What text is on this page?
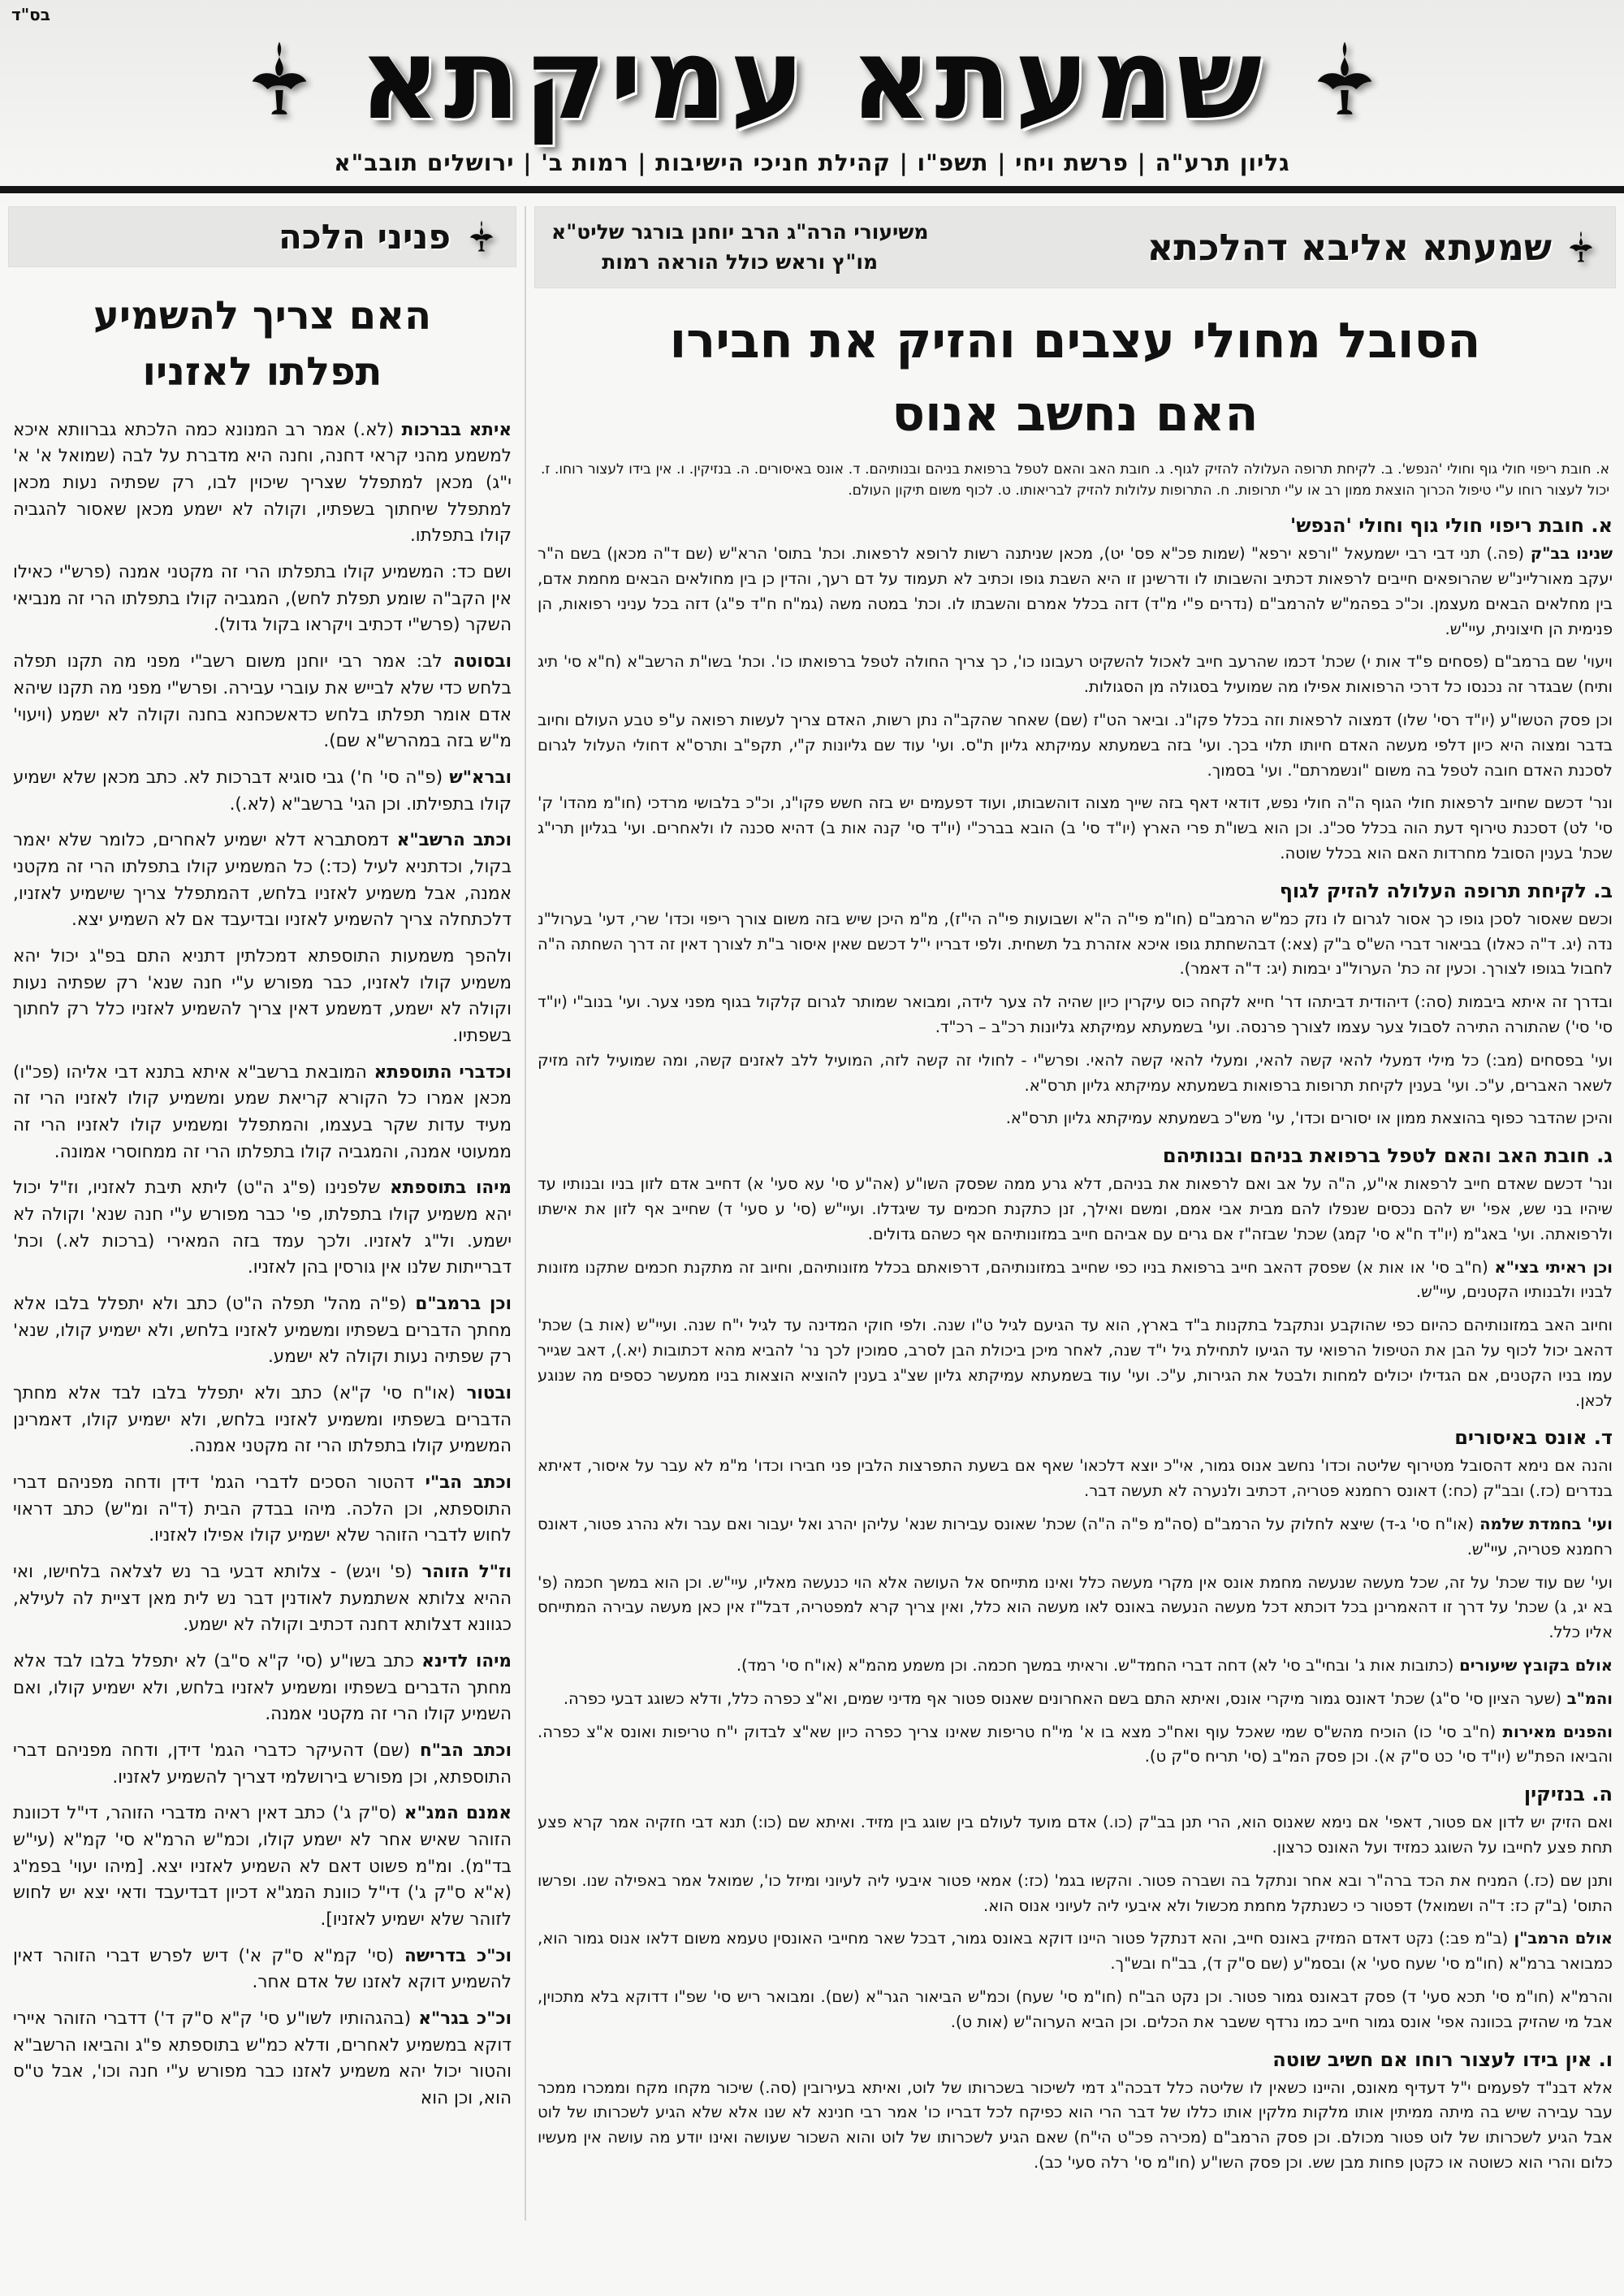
בס"ד	שמעתא עמיקתא
גליון תרע"ה | פרשת ויחי | תשפ"ו | קהילת חניכי הישיבות | רמות ב' | ירושלים תובב"א
שמעתא אליבא דהלכתא
משיעורי הרה"ג הרב יוחנן בורגר שליט"א
מו"ץ וראש כולל הוראה רמות
הסובל מחולי עצבים והזיק את חבירו
האם נחשב אנוס

א. חובת ריפוי חולי גוף וחולי 'הנפש'. ב. לקיחת תרופה העלולה להזיק לגוף. ג. חובת האב והאם לטפל ברפואת בניהם ובנותיהם. ד. אונס באיסורים. ה. בנזיקין. ו. אין בידו לעצור רוחו. ז. יכול לעצור רוחו ע"י טיפול הכרוך הוצאת ממון רב או ע"י תרופות. ח. התרופות עלולות להזיק לבריאותו. ט. לכוף משום תיקון העולם.

א. חובת ריפוי חולי גוף וחולי 'הנפש'

שנינו בב"ק (פה.) תני דבי רבי ישמעאל "ורפא ירפא" (שמות פכ"א פס' יט), מכאן שניתנה רשות לרופא לרפאות. וכת' בתוס' הרא"ש (שם ד"ה מכאן) בשם ה"ר יעקב מאורליינ"ש שהרופאים חייבים לרפאות דכתיב והשבותו לו ודרשינן זו היא השבת גופו וכתיב לא תעמוד על דם רעך, והדין כן בין מחולאים הבאים מחמת אדם, בין מחלאים הבאים מעצמן. וכ"כ בפהמ"ש להרמב"ם (נדרים פ"י מ"ד) דזה בכלל אמרם והשבתו לו. וכת' במטה משה (גמ"ח ח"ד פ"ג) דזה בכל עניני רפואות, הן פנימית הן חיצונית, עיי"ש.

ויעוי' שם ברמב"ם (פסחים פ"ד אות י) שכת' דכמו שהרעב חייב לאכול להשקיט רעבונו כו', כך צריך החולה לטפל ברפואתו כו'. וכת' בשו"ת הרשב"א (ח"א סי' תיג ותיח) שבגדר זה נכנסו כל דרכי הרפואות אפילו מה שמועיל בסגולה מן הסגולות.

וכן פסק הטשו"ע (יו"ד רסי' שלו) דמצוה לרפאות וזה בכלל פקו"נ. וביאר הט"ז (שם) שאחר שהקב"ה נתן רשות, האדם צריך לעשות רפואה ע"פ טבע העולם וחיוב בדבר ומצוה היא כיון דלפי מעשה האדם חיותו תלוי בכך. ועי' בזה בשמעתא עמיקתא גליון ת"ס. ועי' עוד שם גליונות ק"י, תקפ"ב ותרס"א דחולי העלול לגרום לסכנת האדם חובה לטפל בה משום "ונשמרתם". ועי' בסמוך.

ונר' דכשם שחיוב לרפאות חולי הגוף ה"ה חולי נפש, דודאי דאף בזה שייך מצוה דוהשבותו, ועוד דפעמים יש בזה חשש פקו"נ, וכ"כ בלבושי מרדכי (חו"מ מהדו' ק' סי' לט) דסכנת טירוף דעת הוה בכלל סכ"נ. וכן הוא בשו"ת פרי הארץ (יו"ד סי' ב) הובא בברכ"י (יו"ד סי' קנה אות ב) דהיא סכנה לו ולאחרים. ועי' בגליון תרי"ג שכת' בענין הסובל מחרדות האם הוא בכלל שוטה.

ב. לקיחת תרופה העלולה להזיק לגוף

וכשם שאסור לסכן גופו כך אסור לגרום לו נזק כמ"ש הרמב"ם (חו"מ פי"ה ה"א ושבועות פי"ה הי"ז), מ"מ היכן שיש בזה משום צורך ריפוי וכדו' שרי, דעי' בערול"נ נדה (יג. ד"ה כאלו) בביאור דברי הש"ס ב"ק (צא:) דבהשחתת גופו איכא אזהרת בל תשחית. ולפי דבריו י"ל דכשם שאין איסור ב"ת לצורך דאין זה דרך השחתה ה"ה לחבול בגופו לצורך. וכעין זה כת' הערול"נ יבמות (יג: ד"ה דאמר).

ובדרך זה איתא ביבמות (סה:) דיהודית דביתהו דר' חייא לקחה כוס עיקרין כיון שהיה לה צער לידה, ומבואר שמותר לגרום קלקול בגוף מפני צער. ועי' בנוב"י (יו"ד סי' סי') שהתורה התירה לסבול צער עצמו לצורך פרנסה. ועי' בשמעתא עמיקתא גליונות רכ"ב – רכ"ד.

ועי' בפסחים (מב:) כל מילי דמעלי להאי קשה להאי, ומעלי להאי קשה להאי. ופרש"י - לחולי זה קשה לזה, המועיל ללב לאזנים קשה, ומה שמועיל לזה מזיק לשאר האברים, ע"כ. ועי' בענין לקיחת תרופות ברפואות בשמעתא עמיקתא גליון תרס"א.

והיכן שהדבר כפוף בהוצאת ממון או יסורים וכדו', עי' מש"כ בשמעתא עמיקתא גליון תרס"א.

ג. חובת האב והאם לטפל ברפואת בניהם ובנותיהם

ונר' דכשם שאדם חייב לרפאות אי"ע, ה"ה על אב ואם לרפאות את בניהם, דלא גרע ממה שפסק השו"ע (אה"ע סי' עא סעי' א) דחייב אדם לזון בניו ובנותיו עד שיהיו בני שש, אפי' יש להם נכסים שנפלו להם מבית אבי אמם, ומשם ואילך, זנן כתקנת חכמים עד שיגדלו. ועיי"ש (סי' ע סעי' ד) שחייב אף לזון את אישתו ולרפואתה. ועי' באג"מ (יו"ד ח"א סי' קמג) שכת' שבזה"ז אם גרים עם אביהם חייב במזונותיהם אף כשהם גדולים.

וכן ראיתי בצי"א (ח"ב סי' או אות א) שפסק דהאב חייב ברפואת בניו כפי שחייב במזונותיהם, דרפואתם בכלל מזונותיהם, וחיוב זה מתקנת חכמים שתקנו מזונות לבניו ולבנותיו הקטנים, עיי"ש.

וחיוב האב במזונותיהם כהיום כפי שהוקבע ונתקבל בתקנות ב"ד בארץ, הוא עד הגיעם לגיל ט"ו שנה. ולפי חוקי המדינה עד לגיל י"ח שנה. ועיי"ש (אות ב) שכת' דהאב יכול לכוף על הבן את הטיפול הרפואי עד הגיעו לתחילת גיל י"ד שנה, לאחר מיכן ביכולת הבן לסרב, סמוכין לכך נר' להביא מהא דכתובות (יא.), דאב שגייר עמו בניו הקטנים, אם הגדילו יכולים למחות ולבטל את הגירות, ע"כ. ועי' עוד בשמעתא עמיקתא גליון שצ"ג בענין להוציא הוצאות בניו ממעשר כספים מה שנוגע לכאן.

ד. אונס באיסורים

והנה אם נימא דהסובל מטירוף שליטה וכדו' נחשב אנוס גמור, אי"כ יוצא דלכאו' שאף אם בשעת התפרצות הלבין פני חבירו וכדו' מ"מ לא עבר על איסור, דאיתא בנדרים (כז.) ובב"ק (כח:) דאונס רחמנא פטריה, דכתיב ולנערה לא תעשה דבר.

ועי' בחמדת שלמה (או"ח סי' ג-ד) שיצא לחלוק על הרמב"ם (סה"מ פ"ה ה"ה) שכת' שאונס עבירות שנא' עליהן יהרג ואל יעבור ואם עבר ולא נהרג פטור, דאונס רחמנא פטריה, עיי"ש.

ועי' שם עוד שכת' על זה, שכל מעשה שנעשה מחמת אונס אין מקרי מעשה כלל ואינו מתייחס אל העושה אלא הוי כנעשה מאליו, עיי"ש. וכן הוא במשך חכמה (פ' בא יג, ג) שכת' על דרך זו דהאמרינן בכל דוכתא דכל מעשה הנעשה באונס לאו מעשה הוא כלל, ואין צריך קרא למפטריה, דבל"ז אין כאן מעשה עבירה המתייחס אליו כלל.

אולם בקובץ שיעורים (כתובות אות ג' ובחי"ב סי' לא) דחה דברי החמד"ש. וראיתי במשך חכמה. וכן משמע מהמ"א (או"ח סי' רמד).

והמ"ב (שער הציון סי' ס"ג) שכת' דאונס גמור מיקרי אונס, ואיתא התם בשם האחרונים שאנוס פטור אף מדיני שמים, וא"צ כפרה כלל, ודלא כשוגג דבעי כפרה.

והפנים מאירות (ח"ב סי' כו) הוכיח מהש"ס שמי שאכל עוף ואח"כ מצא בו א' מי"ח טריפות שאינו צריך כפרה כיון שא"צ לבדוק י"ח טריפות ואונס א"צ כפרה. והביאו הפת"ש (יו"ד סי' כט ס"ק א). וכן פסק המ"ב (סי' תריח ס"ק ט).

ה. בנזיקין

ואם הזיק יש לדון אם פטור, דאפי' אם נימא שאנוס הוא, הרי תנן בב"ק (כו.) אדם מועד לעולם בין שוגג בין מזיד. ואיתא שם (כו:) תנא דבי חזקיה אמר קרא פצע תחת פצע לחייבו על השוגג כמזיד ועל האונס כרצון.

ותנן שם (כז.) המניח את הכד ברה"ר ובא אחר ונתקל בה ושברה פטור. והקשו בגמ' (כז:) אמאי פטור איבעי ליה לעיוני ומיזל כו', שמואל אמר באפילה שנו. ופרשו התוס' (ב"ק כז: ד"ה ושמואל) דפטור כי כשנתקל מחמת מכשול ולא איבעי ליה לעיוני אנוס הוא.

אולם הרמב"ן (ב"מ פב:) נקט דאדם המזיק באונס חייב, והא דנתקל פטור היינו דוקא באונס גמור, דבכל שאר מחייבי האונסין טעמא משום דלאו אנוס גמור הוא, כמבואר ברמ"א (חו"מ סי' שעח סעי' א) ובסמ"ע (שם ס"ק ד), בב"ח ובש"ך.

והרמ"א (חו"מ סי' תכא סעי' ד) פסק דבאונס גמור פטור. וכן נקט הב"ח (חו"מ סי' שעח) וכמ"ש הביאור הגר"א (שם). ומבואר ריש סי' שפ"ו דדוקא בלא מתכוין, אבל מי שהזיק בכוונה אפי' אונס גמור חייב כמו נרדף ששבר את הכלים. וכן הביא הערוה"ש (אות ט).

ו. אין בידו לעצור רוחו אם חשיב שוטה

אלא דבנ"ד לפעמים י"ל דעדיף מאונס, והיינו כשאין לו שליטה כלל דבכה"ג דמי לשיכור בשכרותו של לוט, ואיתא בעירובין (סה.) שיכור מקחו מקח וממכרו ממכר עבר עבירה שיש בה מיתה ממיתין אותו מלקות מלקין אותו כללו של דבר הרי הוא כפיקח לכל דבריו כו' אמר רבי חנינא לא שנו אלא שלא הגיע לשכרותו של לוט אבל הגיע לשכרותו של לוט פטור מכולם. וכן פסק הרמב"ם (מכירה פכ"ט הי"ח) שאם הגיע לשכרותו של לוט והוא השכור שעושה ואינו יודע מה עושה אין מעשיו כלום והרי הוא כשוטה או כקטן פחות מבן שש. וכן פסק השו"ע (חו"מ סי' רלה סעי' כב).

פניני הלכה
האם צריך להשמיע
תפלתו לאזניו

איתא בברכות (לא.) אמר רב המנונא כמה הלכתא גברוותא איכא למשמע מהני קראי דחנה, וחנה היא מדברת על לבה (שמואל א' א' י"ג) מכאן למתפלל שצריך שיכוין לבו, רק שפתיה נעות מכאן למתפלל שיחתוך בשפתיו, וקולה לא ישמע מכאן שאסור להגביה קולו בתפלתו.

ושם כד: המשמיע קולו בתפלתו הרי זה מקטני אמנה (פרש"י כאילו אין הקב"ה שומע תפלת לחש), המגביה קולו בתפלתו הרי זה מנביאי השקר (פרש"י דכתיב ויקראו בקול גדול).

ובסוטה לב: אמר רבי יוחנן משום רשב"י מפני מה תקנו תפלה בלחש כדי שלא לבייש את עוברי עבירה. ופרש"י מפני מה תקנו שיהא אדם אומר תפלתו בלחש כדאשכחנא בחנה וקולה לא ישמע (ויעוי' מ"ש בזה במהרש"א שם).

וברא"ש (פ"ה סי' ח') גבי סוגיא דברכות לא. כתב מכאן שלא ישמיע קולו בתפילתו. וכן הגי' ברשב"א (לא.).

וכתב הרשב"א דמסתברא דלא ישמיע לאחרים, כלומר שלא יאמר בקול, וכדתניא לעיל (כד:) כל המשמיע קולו בתפלתו הרי זה מקטני אמנה, אבל משמיע לאזניו בלחש, דהמתפלל צריך שישמיע לאזניו, דלכתחלה צריך להשמיע לאזניו ובדיעבד אם לא השמיע יצא.

ולהפך משמעות התוספתא דמכלתין דתניא התם בפ"ג יכול יהא משמיע קולו לאזניו, כבר מפורש ע"י חנה שנא' רק שפתיה נעות וקולה לא ישמע, דמשמע דאין צריך להשמיע לאזניו כלל רק לחתוך בשפתיו.

וכדברי התוספתא המובאת ברשב"א איתא בתנא דבי אליהו (פכ"ו) מכאן אמרו כל הקורא קריאת שמע ומשמיע קולו לאזניו הרי זה מעיד עדות שקר בעצמו, והמתפלל ומשמיע קולו לאזניו הרי זה ממעוטי אמנה, והמגביה קולו בתפלתו הרי זה ממחוסרי אמונה.

מיהו בתוספתא שלפנינו (פ"ג ה"ט) ליתא תיבת לאזניו, וז"ל יכול יהא משמיע קולו בתפלתו, פי' כבר מפורש ע"י חנה שנא' וקולה לא ישמע. ול"ג לאזניו. ולכך עמד בזה המאירי (ברכות לא.) וכת' דברייתות שלנו אין גורסין בהן לאזניו.

וכן ברמב"ם (פ"ה מהל' תפלה ה"ט) כתב ולא יתפלל בלבו אלא מחתך הדברים בשפתיו ומשמיע לאזניו בלחש, ולא ישמיע קולו, שנא' רק שפתיה נעות וקולה לא ישמע.

ובטור (או"ח סי' ק"א) כתב ולא יתפלל בלבו לבד אלא מחתך הדברים בשפתיו ומשמיע לאזניו בלחש, ולא ישמיע קולו, דאמרינן המשמיע קולו בתפלתו הרי זה מקטני אמנה.

וכתב הב"י דהטור הסכים לדברי הגמ' דידן ודחה מפניהם דברי התוספתא, וכן הלכה. מיהו בבדק הבית (ד"ה ומ"ש) כתב דראוי לחוש לדברי הזוהר שלא ישמיע קולו אפילו לאזניו.

וז"ל הזוהר (פ' ויגש) - צלותא דבעי בר נש לצלאה בלחישו, ואי ההיא צלותא אשתמעת לאודנין דבר נש לית מאן דציית לה לעילא, כגוונא דצלותא דחנה דכתיב וקולה לא ישמע.

מיהו לדינא כתב בשו"ע (סי' ק"א ס"ב) לא יתפלל בלבו לבד אלא מחתך הדברים בשפתיו ומשמיע לאזניו בלחש, ולא ישמיע קולו, ואם השמיע קולו הרי זה מקטני אמנה.

וכתב הב"ח (שם) דהעיקר כדברי הגמ' דידן, ודחה מפניהם דברי התוספתא, וכן מפורש בירושלמי דצריך להשמיע לאזניו.

אמנם המג"א (ס"ק ג') כתב דאין ראיה מדברי הזוהר, די"ל דכוונת הזוהר שאיש אחר לא ישמע קולו, וכמ"ש הרמ"א סי' קמ"א (עי"ש בד"מ). ומ"מ פשוט דאם לא השמיע לאזניו יצא. [מיהו יעוי' בפמ"ג (א"א ס"ק ג') די"ל כוונת המג"א דכיון דבדיעבד ודאי יצא יש לחוש לזוהר שלא ישמיע לאזניו].

וכ"כ בדרישה (סי' קמ"א ס"ק א') דיש לפרש דברי הזוהר דאין להשמיע דוקא לאזנו של אדם אחר.

וכ"כ בגר"א (בהגהותיו לשו"ע סי' ק"א ס"ק ד') דדברי הזוהר איירי דוקא במשמיע לאחרים, ודלא כמ"ש בתוספתא פ"ג והביאו הרשב"א והטור יכול יהא משמיע לאזנו כבר מפורש ע"י חנה וכו', אבל ט"ס הוא, וכן הוא
